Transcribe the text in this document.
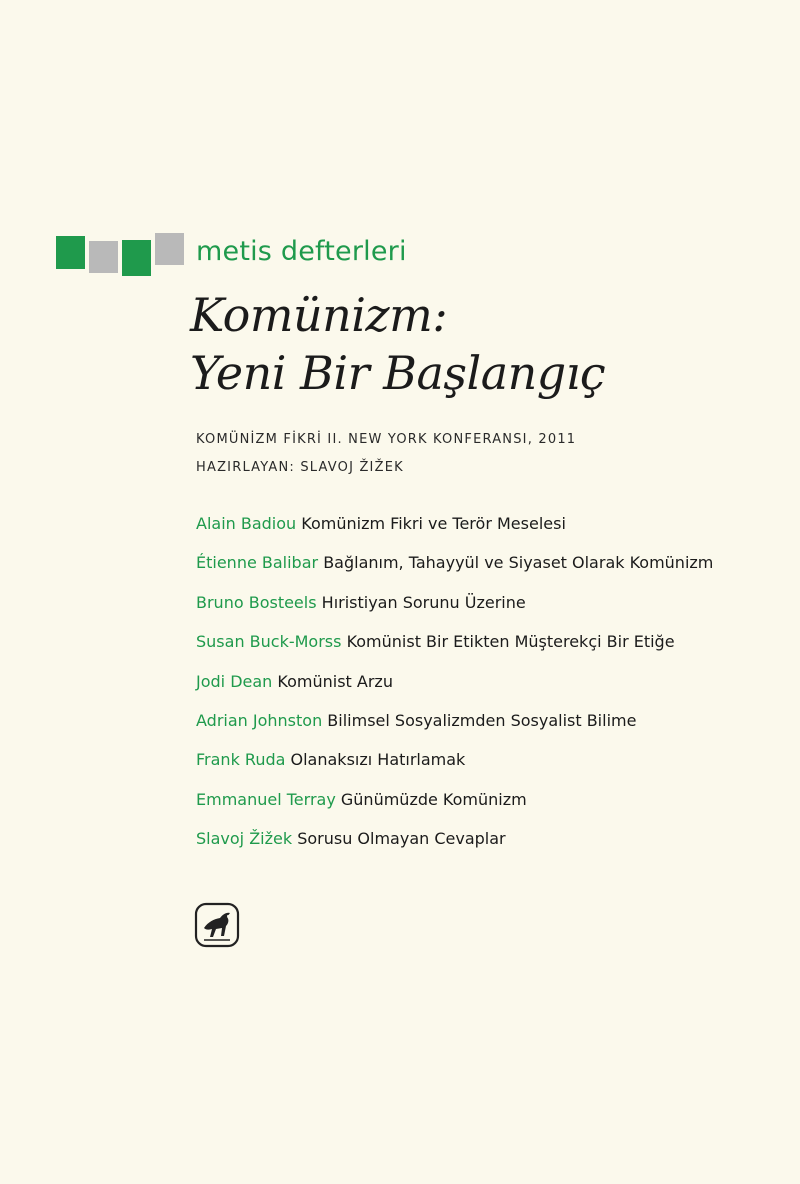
metis defterleri
Komünizm:
Yeni Bir Başlangıç
KOMÜNİZM FİKRİ II. NEW YORK KONFERANSI, 2011
HAZIRLAYAN: SLAVOJ ŽIŽEK
Alain Badiou Komünizm Fikri ve Terör Meselesi
Étienne Balibar Bağlanım, Tahayyül ve Siyaset Olarak Komünizm
Bruno Bosteels Hıristiyan Sorunu Üzerine
Susan Buck-Morss Komünist Bir Etikten Müşterekçi Bir Etiğe
Jodi Dean Komünist Arzu
Adrian Johnston Bilimsel Sosyalizmden Sosyalist Bilime
Frank Ruda Olanaksızı Hatırlamak
Emmanuel Terray Günümüzde Komünizm
Slavoj Žižek Sorusu Olmayan Cevaplar
